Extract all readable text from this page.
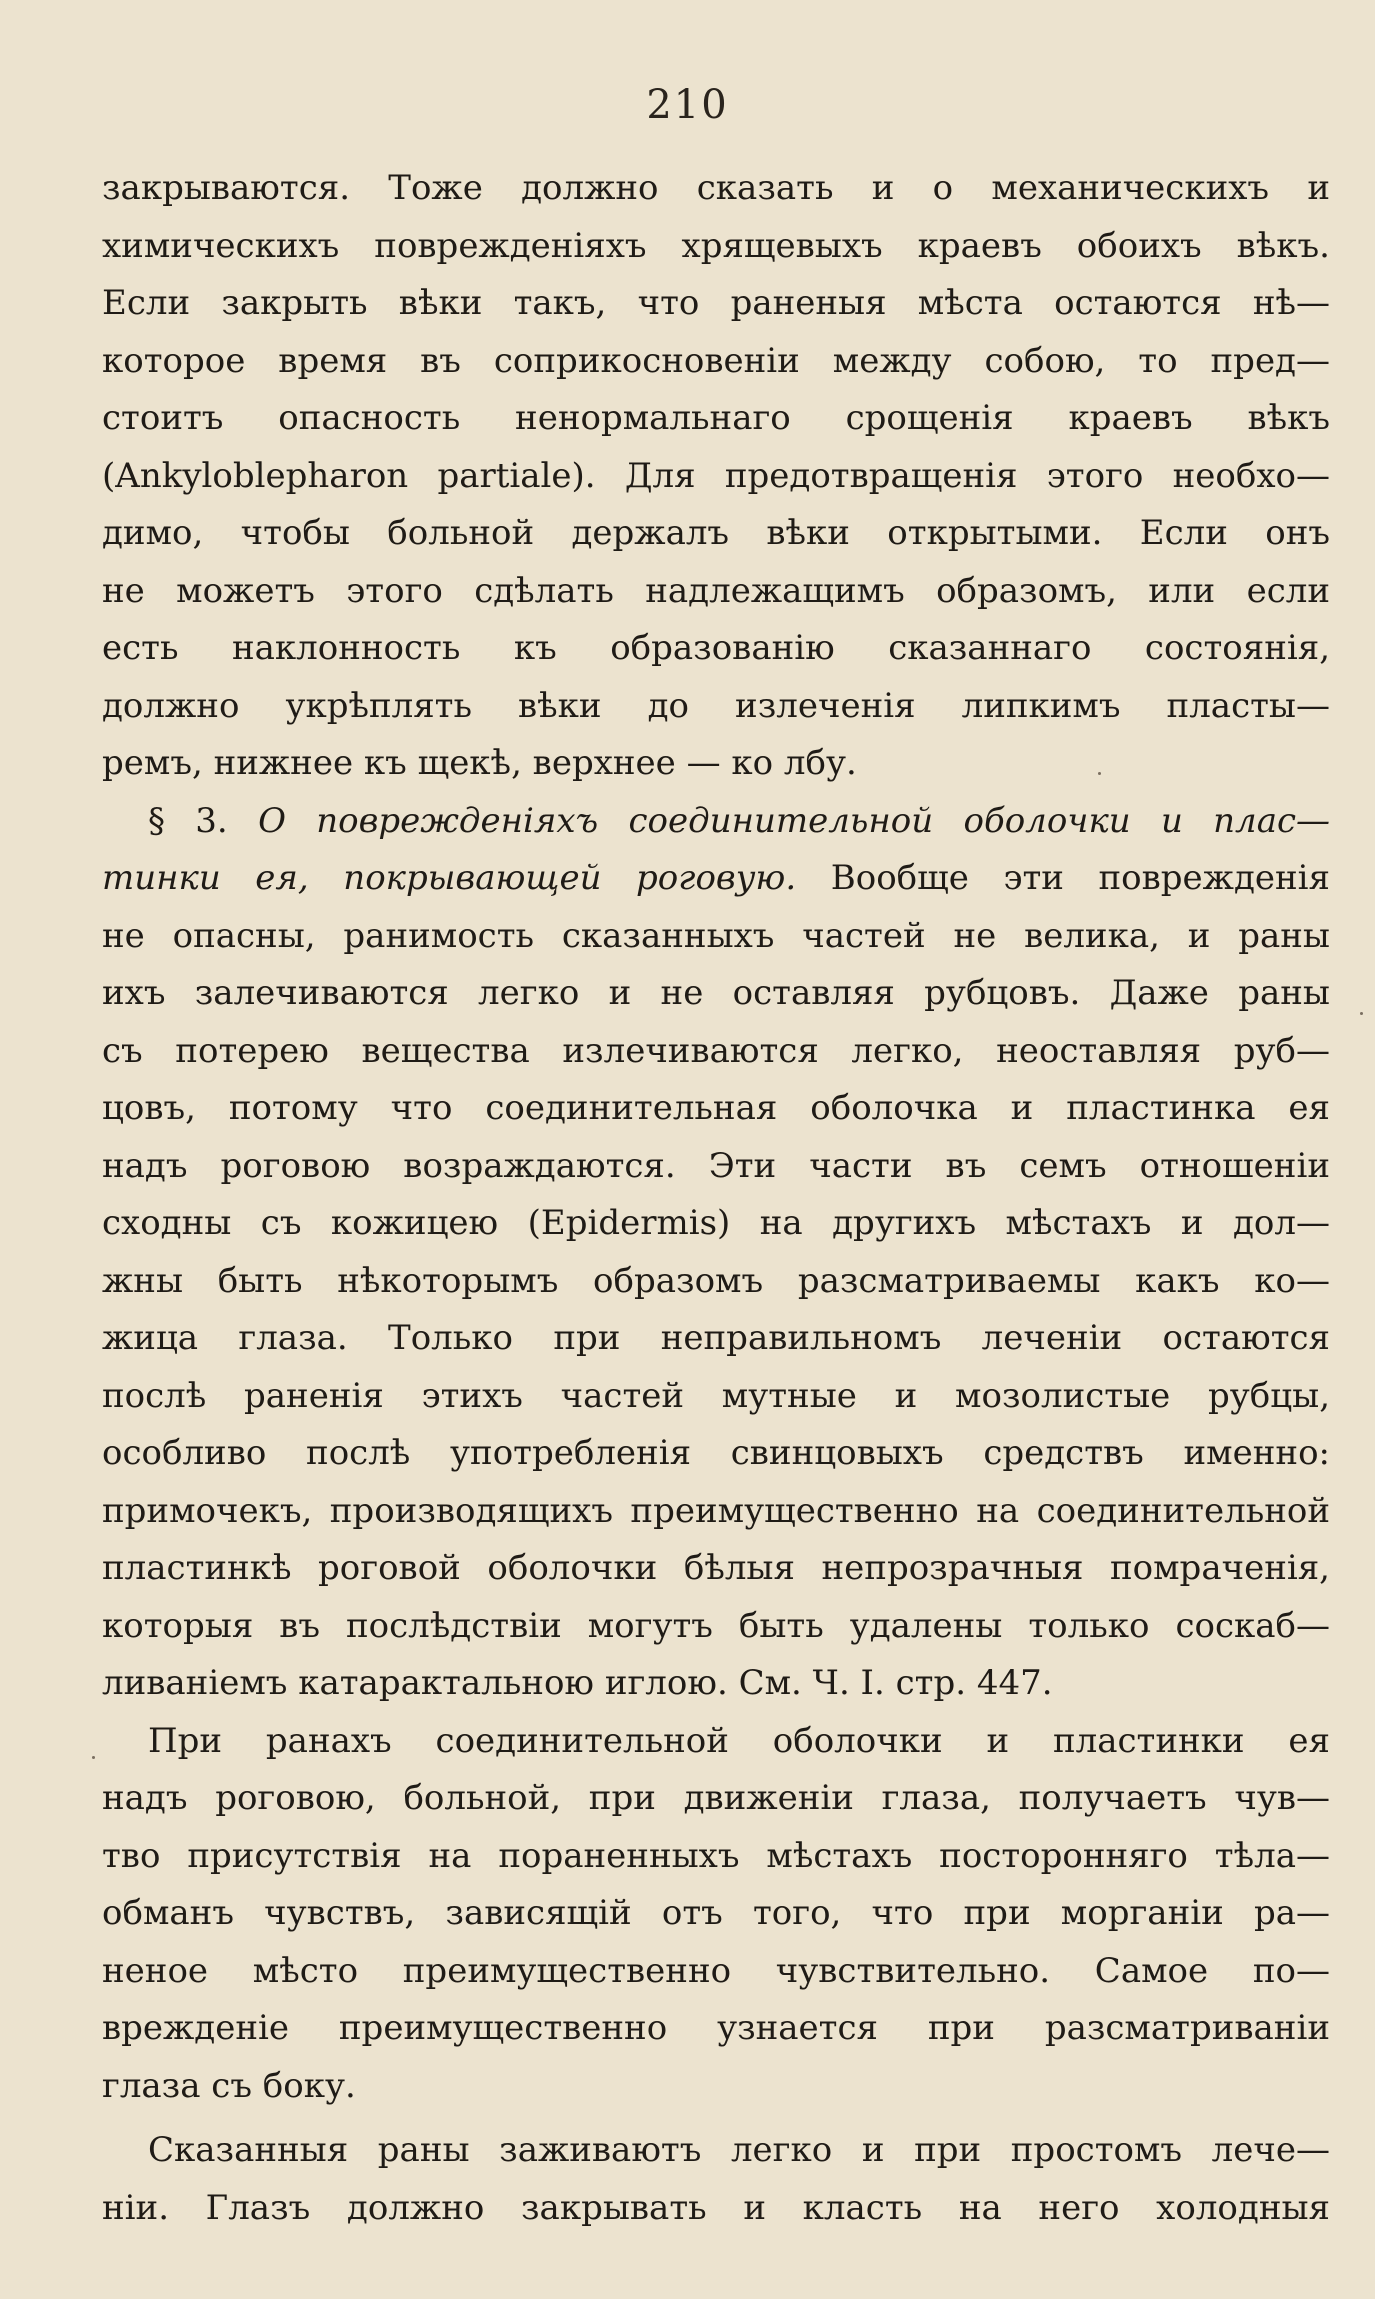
210
закрываются. Тоже должно сказать и о механическихъ и
химическихъ поврежденіяхъ хрящевыхъ краевъ обоихъ вѣкъ.
Если закрыть вѣки такъ, что раненыя мѣста остаются нѣ—
которое время въ соприкосновеніи между собою, то пред—
стоитъ опасность ненормальнаго срощенія краевъ вѣкъ
(Ankyloblepharon partiale). Для предотвращенія этого необхо—
димо, чтобы больной держалъ вѣки открытыми. Если онъ
не можетъ этого сдѣлать надлежащимъ образомъ, или если
есть наклонность къ образованію сказаннаго состоянія,
должно укрѣплять вѣки до излеченія липкимъ пласты—
ремъ, нижнее къ щекѣ, верхнее — ко лбу.
§ 3. О поврежденіяхъ соединительной оболочки и плас—
тинки ея, покрывающей роговую. Вообще эти поврежденія
не опасны, ранимость сказанныхъ частей не велика, и раны
ихъ залечиваются легко и не оставляя рубцовъ. Даже раны
съ потерею вещества излечиваются легко, неоставляя руб—
цовъ, потому что соединительная оболочка и пластинка ея
надъ роговою возраждаются. Эти части въ семъ отношеніи
сходны съ кожицею (Epidermis) на другихъ мѣстахъ и дол—
жны быть нѣкоторымъ образомъ разсматриваемы какъ ко—
жица глаза. Только при неправильномъ леченіи остаются
послѣ раненія этихъ частей мутные и мозолистые рубцы,
особливо послѣ употребленія свинцовыхъ средствъ именно:
примочекъ, производящихъ преимущественно на соединительной
пластинкѣ роговой оболочки бѣлыя непрозрачныя помраченія,
которыя въ послѣдствіи могутъ быть удалены только соскаб—
ливаніемъ катарактальною иглою. См. Ч. I. стр. 447.
При ранахъ соединительной оболочки и пластинки ея
надъ роговою, больной, при движеніи глаза, получаетъ чув—
тво присутствія на пораненныхъ мѣстахъ посторонняго тѣла—
обманъ чувствъ, зависящій отъ того, что при морганіи ра—
неное мѣсто преимущественно чувствительно. Самое по—
врежденіе преимущественно узнается при разсматриваніи
глаза съ боку.
Сказанныя раны заживаютъ легко и при простомъ лече—
ніи. Глазъ должно закрывать и класть на него холодныя
